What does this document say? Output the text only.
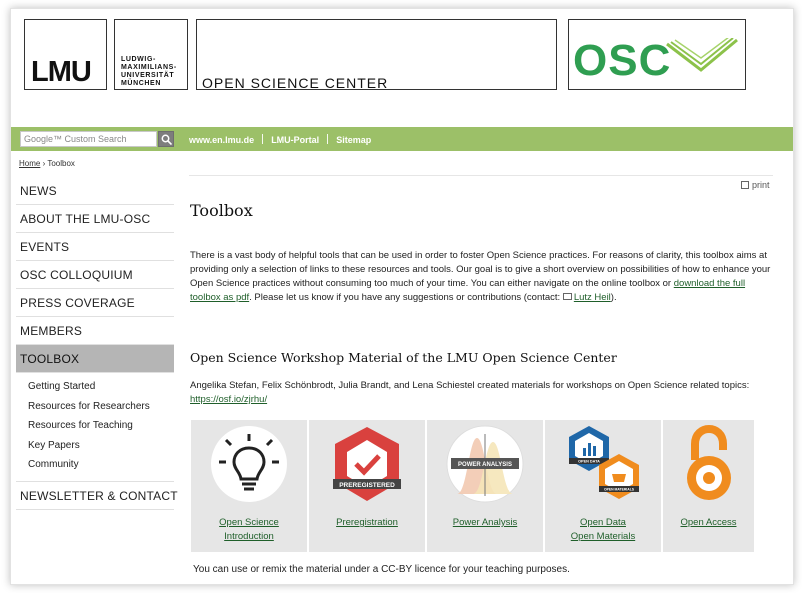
LMU	LUDWIG-
MAXIMILIANS-
UNIVERSITÄT
MÜNCHEN	OPEN SCIENCE CENTER	OSC
Google™ Custom Search	www.en.lmu.de LMU-Portal Sitemap
Home › Toolbox
NEWS
ABOUT THE LMU-OSC
EVENTS
OSC COLLOQUIUM
PRESS COVERAGE
MEMBERS
TOOLBOX
Getting Started
Resources for Researchers
Resources for Teaching
Key Papers
Community
NEWSLETTER & CONTACT
print
Toolbox
There is a vast body of helpful tools that can be used in order to foster Open Science practices. For reasons of clarity, this toolbox aims at providing only a selection of links to these resources and tools. Our goal is to give a short overview on possibilities of how to enhance your Open Science practices without consuming too much of your time. You can either navigate on the online toolbox or download the full toolbox as pdf. Please let us know if you have any suggestions or contributions (contact: Lutz Heil).
Open Science Workshop Material of the LMU Open Science Center
Angelika Stefan, Felix Schönbrodt, Julia Brandt, and Lena Schiestel created materials for workshops on Open Science related topics: https://osf.io/zjrhu/
Open Science
Introduction
PREREGISTERED
Preregistration
POWER ANALYSIS
Power Analysis
OPEN DATA
OPEN MATERIALS
Open Data
Open Materials
Open Access
You can use or remix the material under a CC-BY licence for your teaching purposes.
